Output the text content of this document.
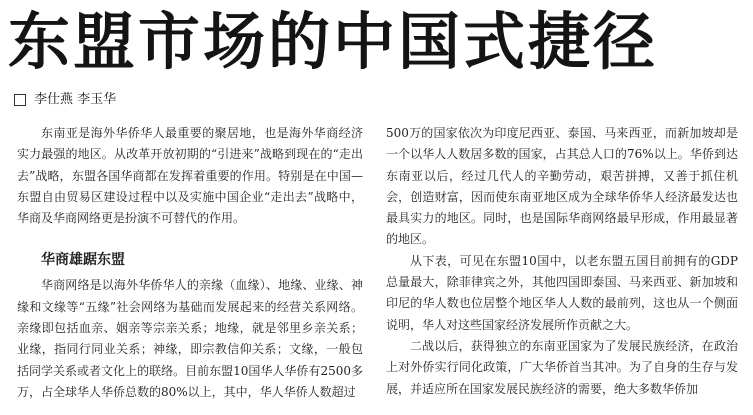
东盟市场的中国式捷径
李仕燕 李玉华

东南亚是海外华侨华人最重要的聚居地，也是海外华商经济实力最强的地区。从改革开放初期的“引进来”战略到现在的“走出去”战略，东盟各国华商都在发挥着重要的作用。特别是在中国—东盟自由贸易区建设过程中以及实施中国企业“走出去”战略中，华商及华商网络更是扮演不可替代的作用。

华商雄踞东盟

华商网络是以海外华侨华人的亲缘（血缘）、地缘、业缘、神缘和文缘等“五缘”社会网络为基础而发展起来的经营关系网络。亲缘即包括血亲、姻亲等宗亲关系；地缘，就是邻里乡亲关系；业缘，指同行同业关系；神缘，即宗教信仰关系；文缘，一般包括同学关系或者文化上的联络。目前东盟10国华人华侨有2500多万，占全球华人华侨总数的80%以上，其中，华人华侨人数超过

500万的国家依次为印度尼西亚、泰国、马来西亚，而新加坡却是一个以华人人数居多数的国家，占其总人口的76%以上。华侨到达东南亚以后，经过几代人的辛勤劳动，艰苦拼搏，又善于抓住机会，创造财富，因而使东南亚地区成为全球华侨华人经济最发达也最具实力的地区。同时，也是国际华商网络最早形成，作用最显著的地区。

从下表，可见在东盟10国中，以老东盟五国目前拥有的GDP总量最大，除菲律宾之外，其他四国即泰国、马来西亚、新加坡和印尼的华人数也位居整个地区华人人数的最前列，这也从一个侧面说明，华人对这些国家经济发展所作贡献之大。

二战以后，获得独立的东南亚国家为了发展民族经济，在政治上对外侨实行同化政策，广大华侨首当其冲。为了自身的生存与发展，并适应所在国家发展民族经济的需要，绝大多数华侨加
